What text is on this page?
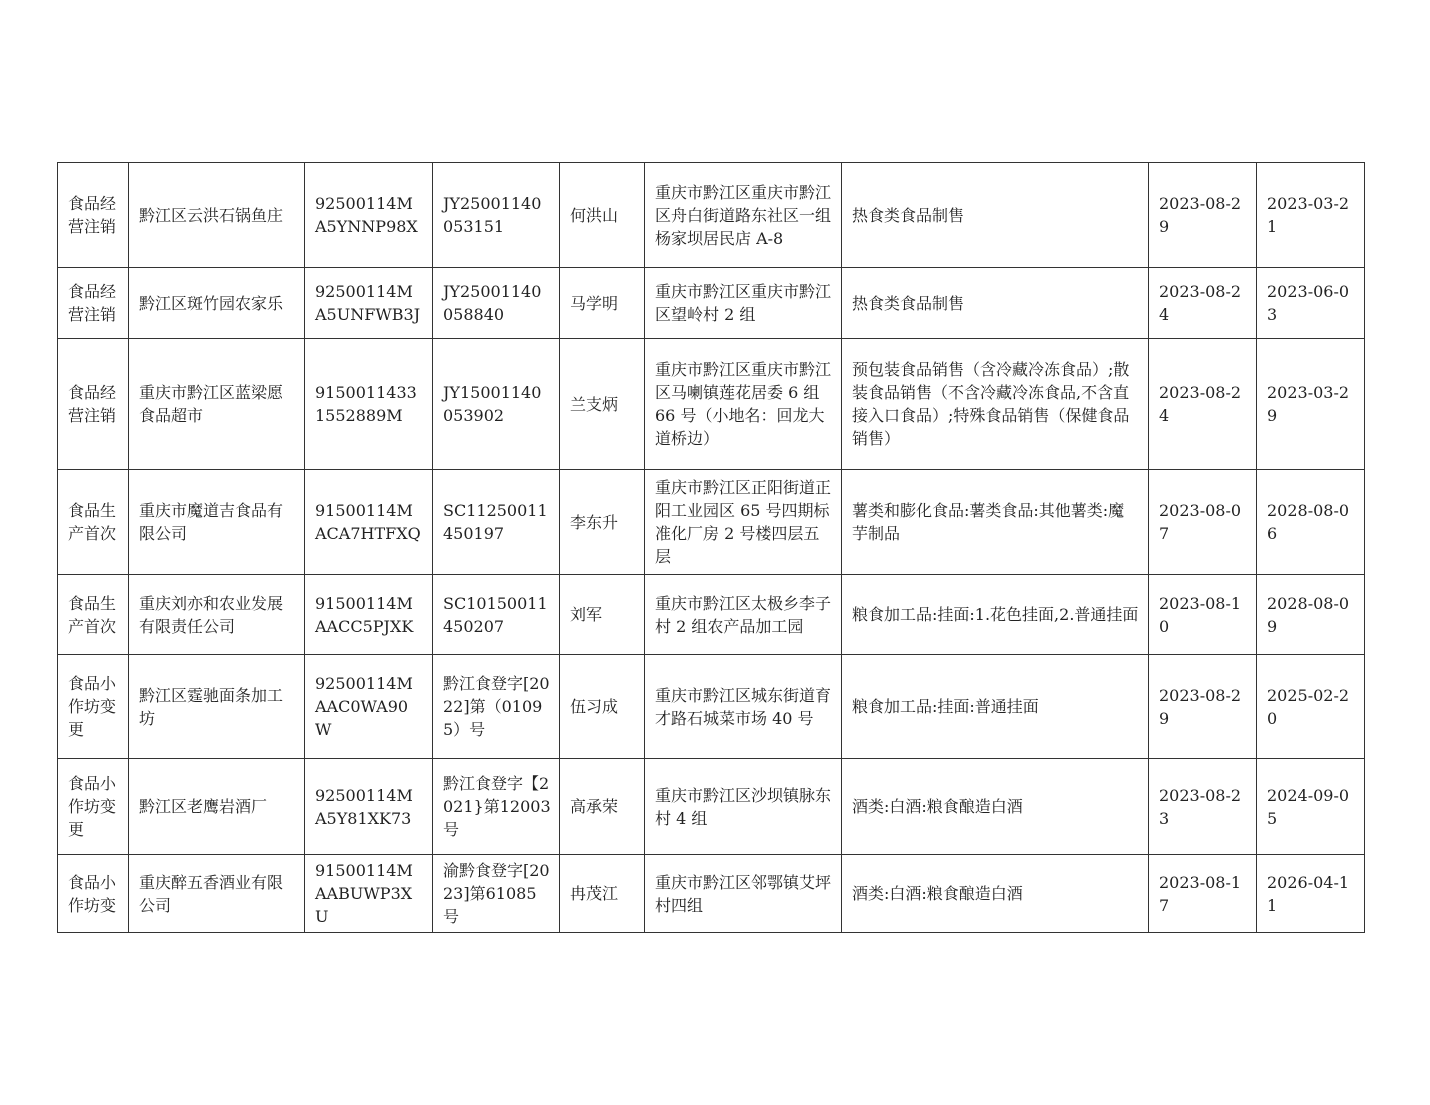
食品经营注销	黔江区云洪石锅鱼庄	92500114MA5YNNP98X	JY25001140053151	何洪山	重庆市黔江区重庆市黔江区舟白街道路东社区一组杨家坝居民店 A-8	热食类食品制售	2023-08-29	2023-03-21
食品经营注销	黔江区斑竹园农家乐	92500114MA5UNFWB3J	JY25001140058840	马学明	重庆市黔江区重庆市黔江区望岭村 2 组	热食类食品制售	2023-08-24	2023-06-03
食品经营注销	重庆市黔江区蓝梁愿食品超市	91500114331552889M	JY15001140053902	兰支炳	重庆市黔江区重庆市黔江区马喇镇莲花居委 6 组 66 号（小地名：回龙大道桥边）	预包装食品销售（含冷藏冷冻食品）;散装食品销售（不含冷藏冷冻食品,不含直接入口食品）;特殊食品销售（保健食品销售）	2023-08-24	2023-03-29
食品生产首次	重庆市魔道吉食品有限公司	91500114MACA7HTFXQ	SC11250011450197	李东升	重庆市黔江区正阳街道正阳工业园区 65 号四期标准化厂房 2 号楼四层五层	薯类和膨化食品:薯类食品:其他薯类:魔芋制品	2023-08-07	2028-08-06
食品生产首次	重庆刘亦和农业发展有限责任公司	91500114MAACC5PJXK	SC10150011450207	刘军	重庆市黔江区太极乡李子村 2 组农产品加工园	粮食加工品:挂面:1.花色挂面,2.普通挂面	2023-08-10	2028-08-09
食品小作坊变更	黔江区霆驰面条加工坊	92500114MAAC0WA90W	黔江食登字[2022]第（01095）号	伍习成	重庆市黔江区城东街道育才路石城菜市场 40 号	粮食加工品:挂面:普通挂面	2023-08-29	2025-02-20
食品小作坊变更	黔江区老鹰岩酒厂	92500114MA5Y81XK73	黔江食登字【2021}第12003 号	高承荣	重庆市黔江区沙坝镇脉东村 4 组	酒类:白酒:粮食酿造白酒	2023-08-23	2024-09-05
食品小作坊变	重庆醉五香酒业有限公司	91500114MAABUWP3XU	渝黔食登字[2023]第61085 号	冉茂江	重庆市黔江区邻鄂镇艾坪村四组	酒类:白酒:粮食酿造白酒	2023-08-17	2026-04-11
